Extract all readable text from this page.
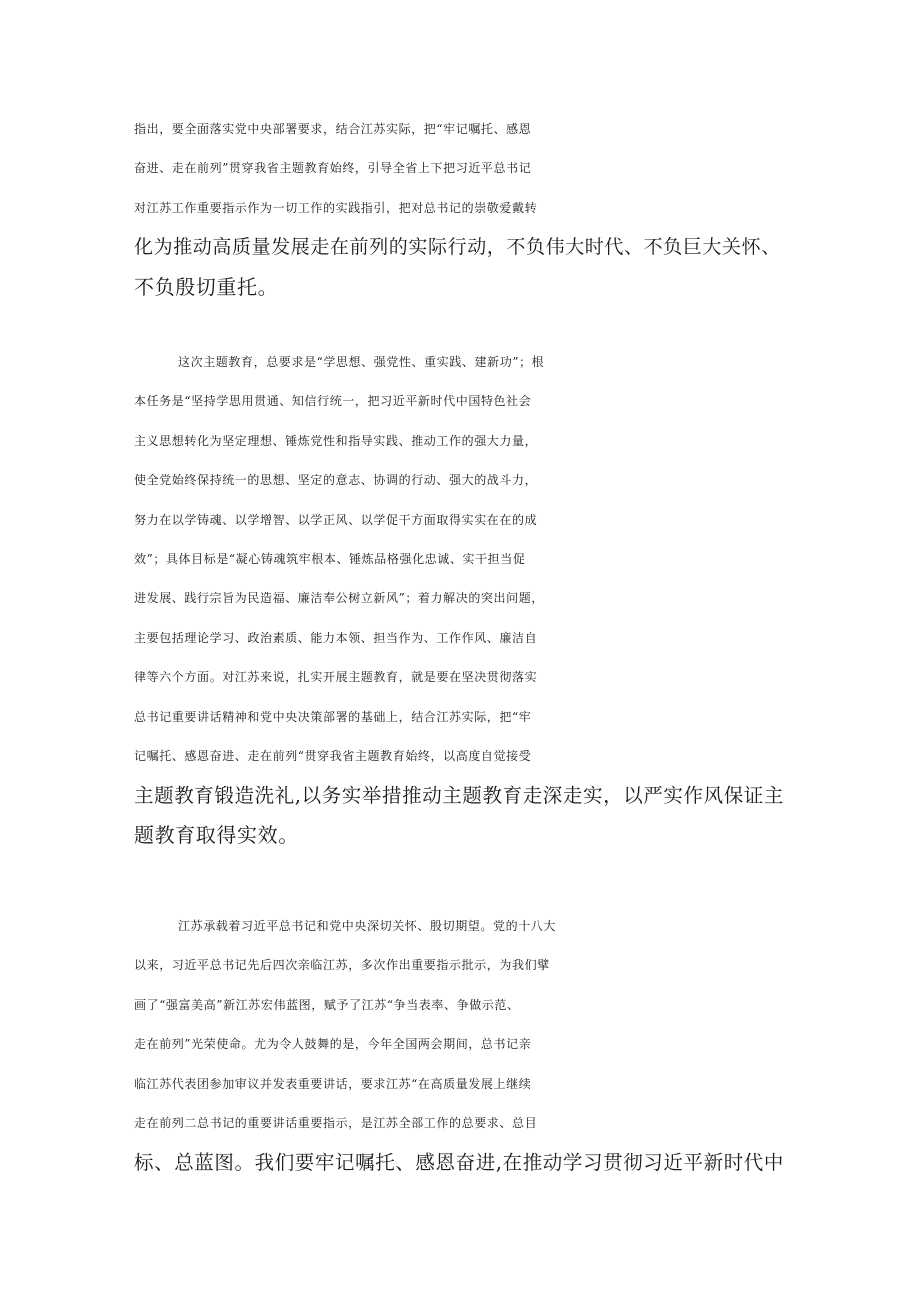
指出，要全面落实党中央部署要求，结合江苏实际，把“牢记嘱托、感恩
奋进、走在前列”贯穿我省主题教育始终，引导全省上下把习近平总书记
对江苏工作重要指示作为一切工作的实践指引，把对总书记的崇敬爱戴转
化为推动高质量发展走在前列的实际行动，不负伟大时代、不负巨大关怀、
不负殷切重托。
这次主题教育，总要求是“学思想、强党性、重实践、建新功”；根
本任务是“坚持学思用贯通、知信行统一，把习近平新时代中国特色社会
主义思想转化为坚定理想、锤炼党性和指导实践、推动工作的强大力量，
使全党始终保持统一的思想、坚定的意志、协调的行动、强大的战斗力，
努力在以学铸魂、以学增智、以学正风、以学促干方面取得实实在在的成
效”；具体目标是“凝心铸魂筑牢根本、锤炼品格强化忠诚、实干担当促
进发展、践行宗旨为民造福、廉洁奉公树立新风”；着力解决的突出问题，
主要包括理论学习、政治素质、能力本领、担当作为、工作作风、廉洁自
律等六个方面。对江苏来说，扎实开展主题教育，就是要在坚决贯彻落实
总书记重要讲话精神和党中央决策部署的基础上，结合江苏实际，把“牢
记嘱托、感恩奋进、走在前列“贯穿我省主题教育始终，以高度自觉接受
主题教育锻造洗礼,以务实举措推动主题教育走深走实，以严实作风保证主
题教育取得实效。
江苏承载着习近平总书记和党中央深切关怀、殷切期望。党的十八大
以来，习近平总书记先后四次亲临江苏，多次作出重要指示批示，为我们擘
画了“强富美高”新江苏宏伟蓝图，赋予了江苏“争当表率、争做示范、
走在前列”光荣使命。尤为令人鼓舞的是，今年全国两会期间，总书记亲
临江苏代表团参加审议并发表重要讲话，要求江苏“在高质量发展上继续
走在前列二总书记的重要讲话重要指示，是江苏全部工作的总要求、总目
标、总蓝图。我们要牢记嘱托、感恩奋进,在推动学习贯彻习近平新时代中
